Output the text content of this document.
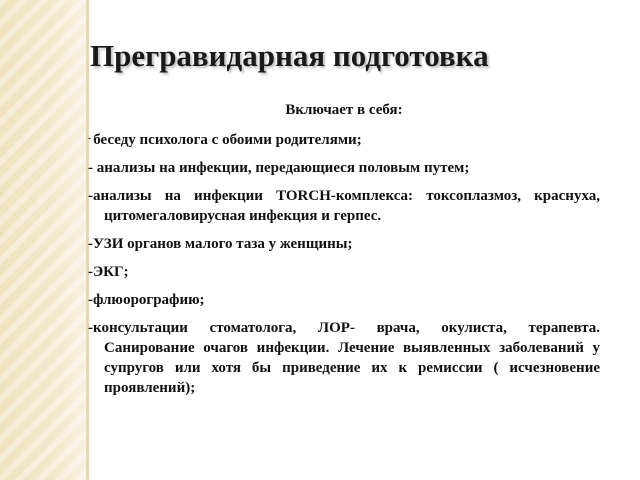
Прегравидарная подготовка

Включает в себя:

- беседу психолога с обоими родителями;

- анализы на инфекции, передающиеся половым путем;

-анализы на инфекции TORCH-комплекса: токсоплазмоз, краснуха, цитомегаловирусная инфекция и герпес.

-УЗИ органов малого таза у женщины;

-ЭКГ;

-флюорографию;

-консультации стоматолога, ЛОР- врача, окулиста, терапевта. Санирование очагов инфекции. Лечение выявленных заболеваний у супругов или хотя бы приведение их к ремиссии ( исчезновение проявлений);
